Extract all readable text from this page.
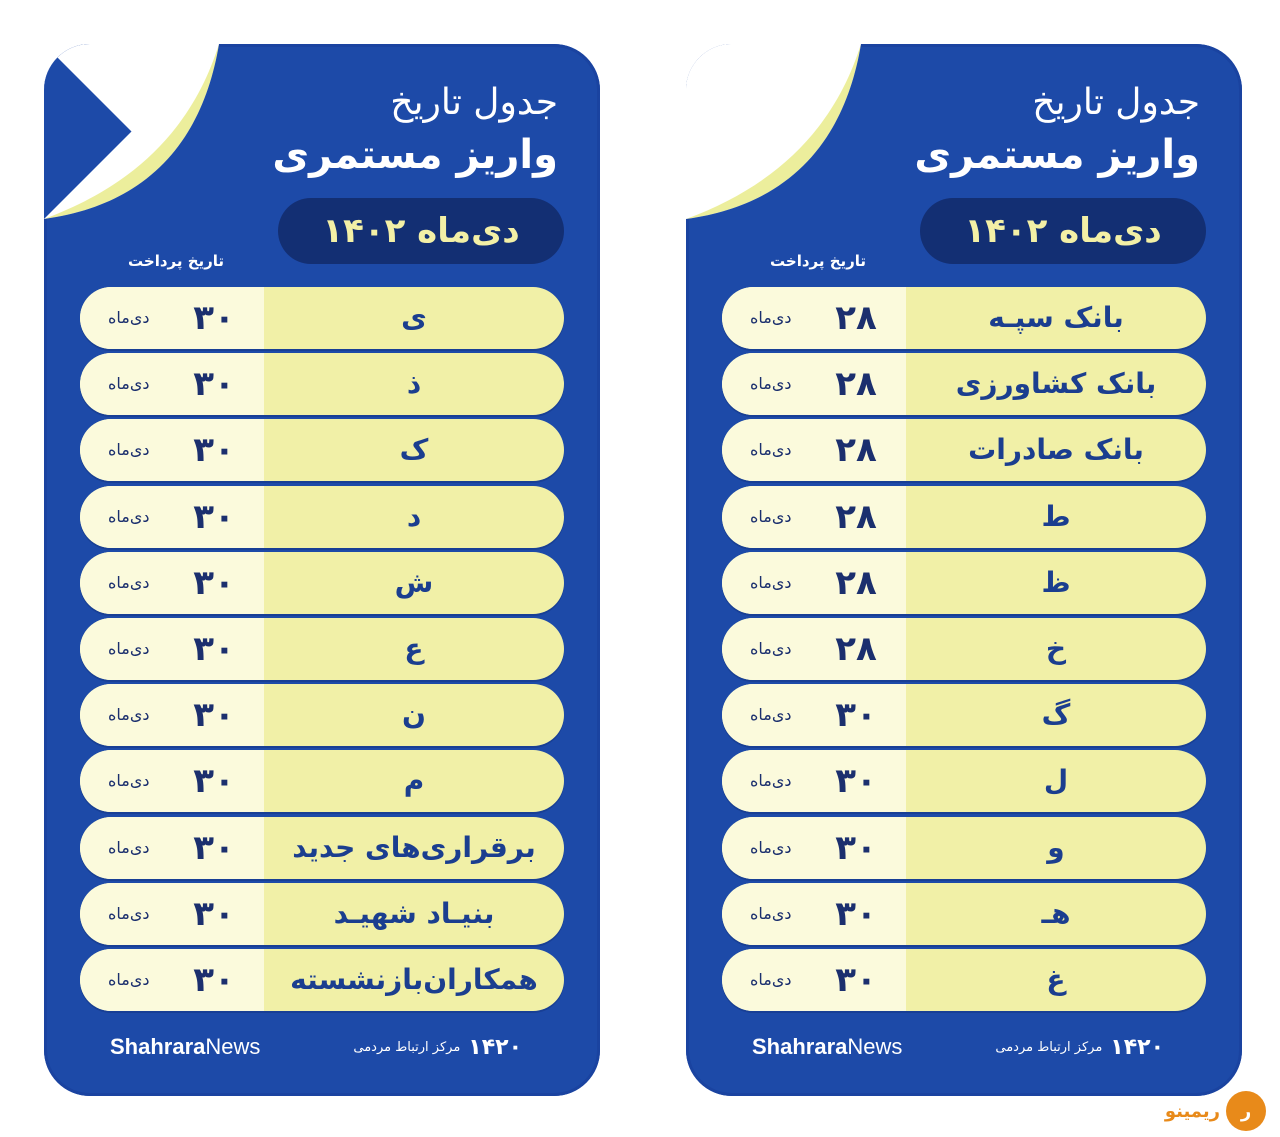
جدول تاریخ
واریز مستمری
دی‌ماه ۱۴۰۲
تاریخ پرداخت
دی‌ماه ۳۰	ی
دی‌ماه ۳۰	ذ
دی‌ماه ۳۰	ک
دی‌ماه ۳۰	د
دی‌ماه ۳۰	ش
دی‌ماه ۳۰	ع
دی‌ماه ۳۰	ن
دی‌ماه ۳۰	م
دی‌ماه ۳۰	برقراری‌های جدید
دی‌ماه ۳۰	بنیـاد شهیـد
دی‌ماه ۳۰	همکاران‌بازنشسته
ShahraraNews	۱۴۲۰
مرکز ارتباط مردمی
جدول تاریخ
واریز مستمری
دی‌ماه ۱۴۰۲
تاریخ پرداخت
دی‌ماه ۲۸	بانک سپـه
دی‌ماه ۲۸	بانک کشاورزی
دی‌ماه ۲۸	بانک صادرات
دی‌ماه ۲۸	ط
دی‌ماه ۲۸	ظ
دی‌ماه ۲۸	خ
دی‌ماه ۳۰	گ
دی‌ماه ۳۰	ل
دی‌ماه ۳۰	و
دی‌ماه ۳۰	هـ
دی‌ماه ۳۰	غ
ShahraraNews	۱۴۲۰
مرکز ارتباط مردمی
ر
ریمینو
